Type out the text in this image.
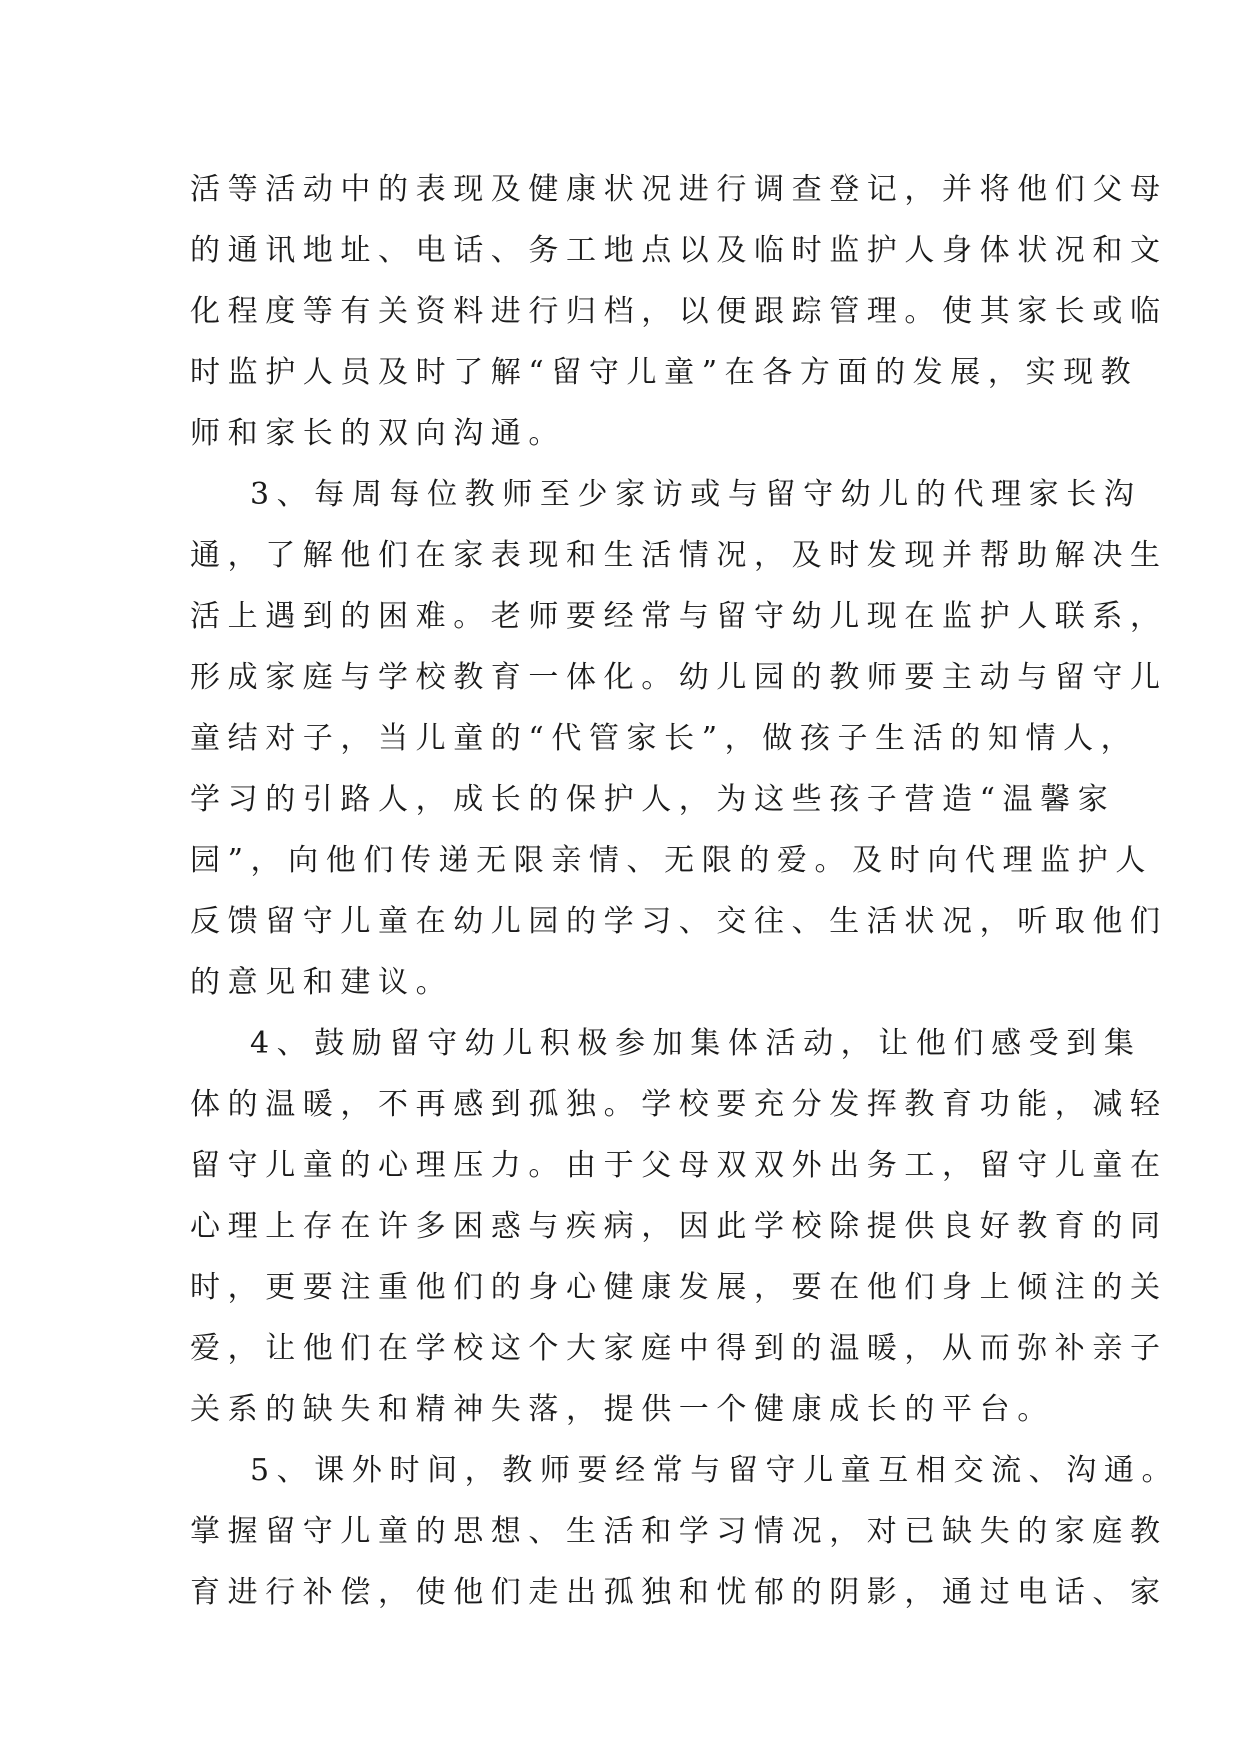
活等活动中的表现及健康状况进行调查登记，并将他们父母
的通讯地址、电话、务工地点以及临时监护人身体状况和文
化程度等有关资料进行归档，以便跟踪管理。使其家长或临
时监护人员及时了解“留守儿童”在各方面的发展，实现教
师和家长的双向沟通。
3、每周每位教师至少家访或与留守幼儿的代理家长沟
通，了解他们在家表现和生活情况，及时发现并帮助解决生
活上遇到的困难。老师要经常与留守幼儿现在监护人联系，
形成家庭与学校教育一体化。幼儿园的教师要主动与留守儿
童结对子，当儿童的“代管家长”，做孩子生活的知情人，
学习的引路人，成长的保护人，为这些孩子营造“温馨家
园”，向他们传递无限亲情、无限的爱。及时向代理监护人
反馈留守儿童在幼儿园的学习、交往、生活状况，听取他们
的意见和建议。
4、鼓励留守幼儿积极参加集体活动，让他们感受到集
体的温暖，不再感到孤独。学校要充分发挥教育功能，减轻
留守儿童的心理压力。由于父母双双外出务工，留守儿童在
心理上存在许多困惑与疾病，因此学校除提供良好教育的同
时，更要注重他们的身心健康发展，要在他们身上倾注的关
爱，让他们在学校这个大家庭中得到的温暖，从而弥补亲子
关系的缺失和精神失落，提供一个健康成长的平台。
5、课外时间，教师要经常与留守儿童互相交流、沟通。
掌握留守儿童的思想、生活和学习情况，对已缺失的家庭教
育进行补偿，使他们走出孤独和忧郁的阴影，通过电话、家
